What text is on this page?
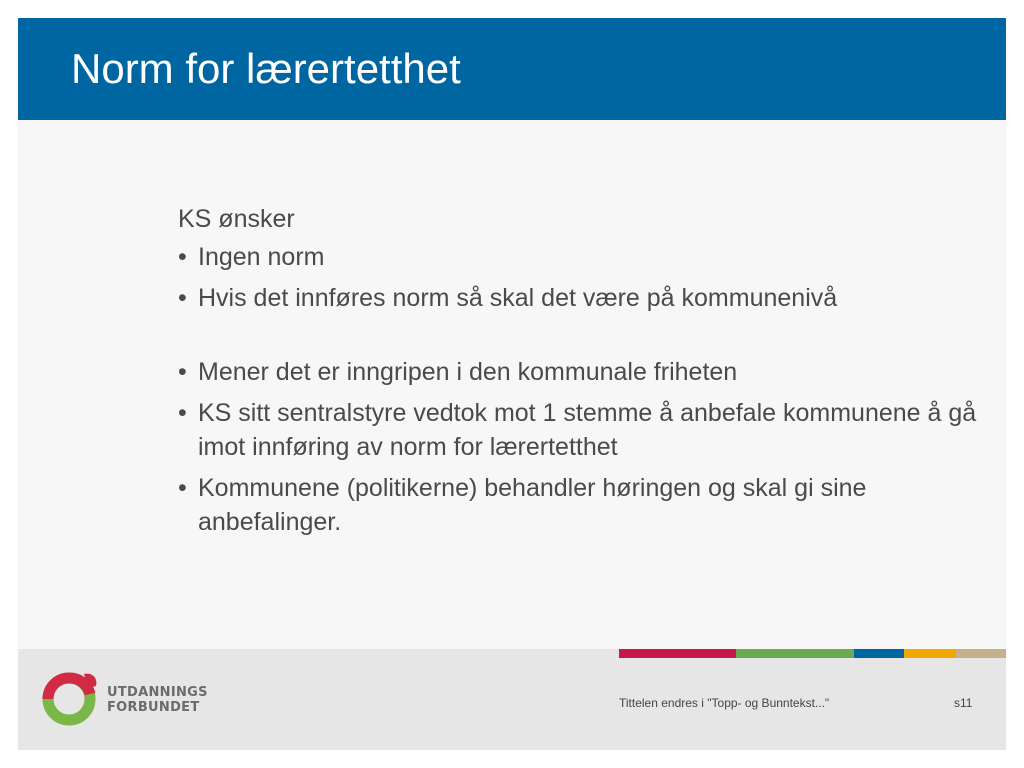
Norm for lærertetthet

KS ønsker

• Ingen norm
• Hvis det innføres norm så skal det være på kommunenivå
• Mener det er inngripen i den kommunale friheten
• KS sitt sentralstyre vedtok mot 1 stemme å anbefale kommunene å gå imot innføring av norm for lærertetthet
• Kommunene (politikerne) behandler høringen og skal gi sine anbefalinger.
UTDANNINGS
FORBUNDET	Tittelen endres i "Topp- og Bunntekst..."	s11
